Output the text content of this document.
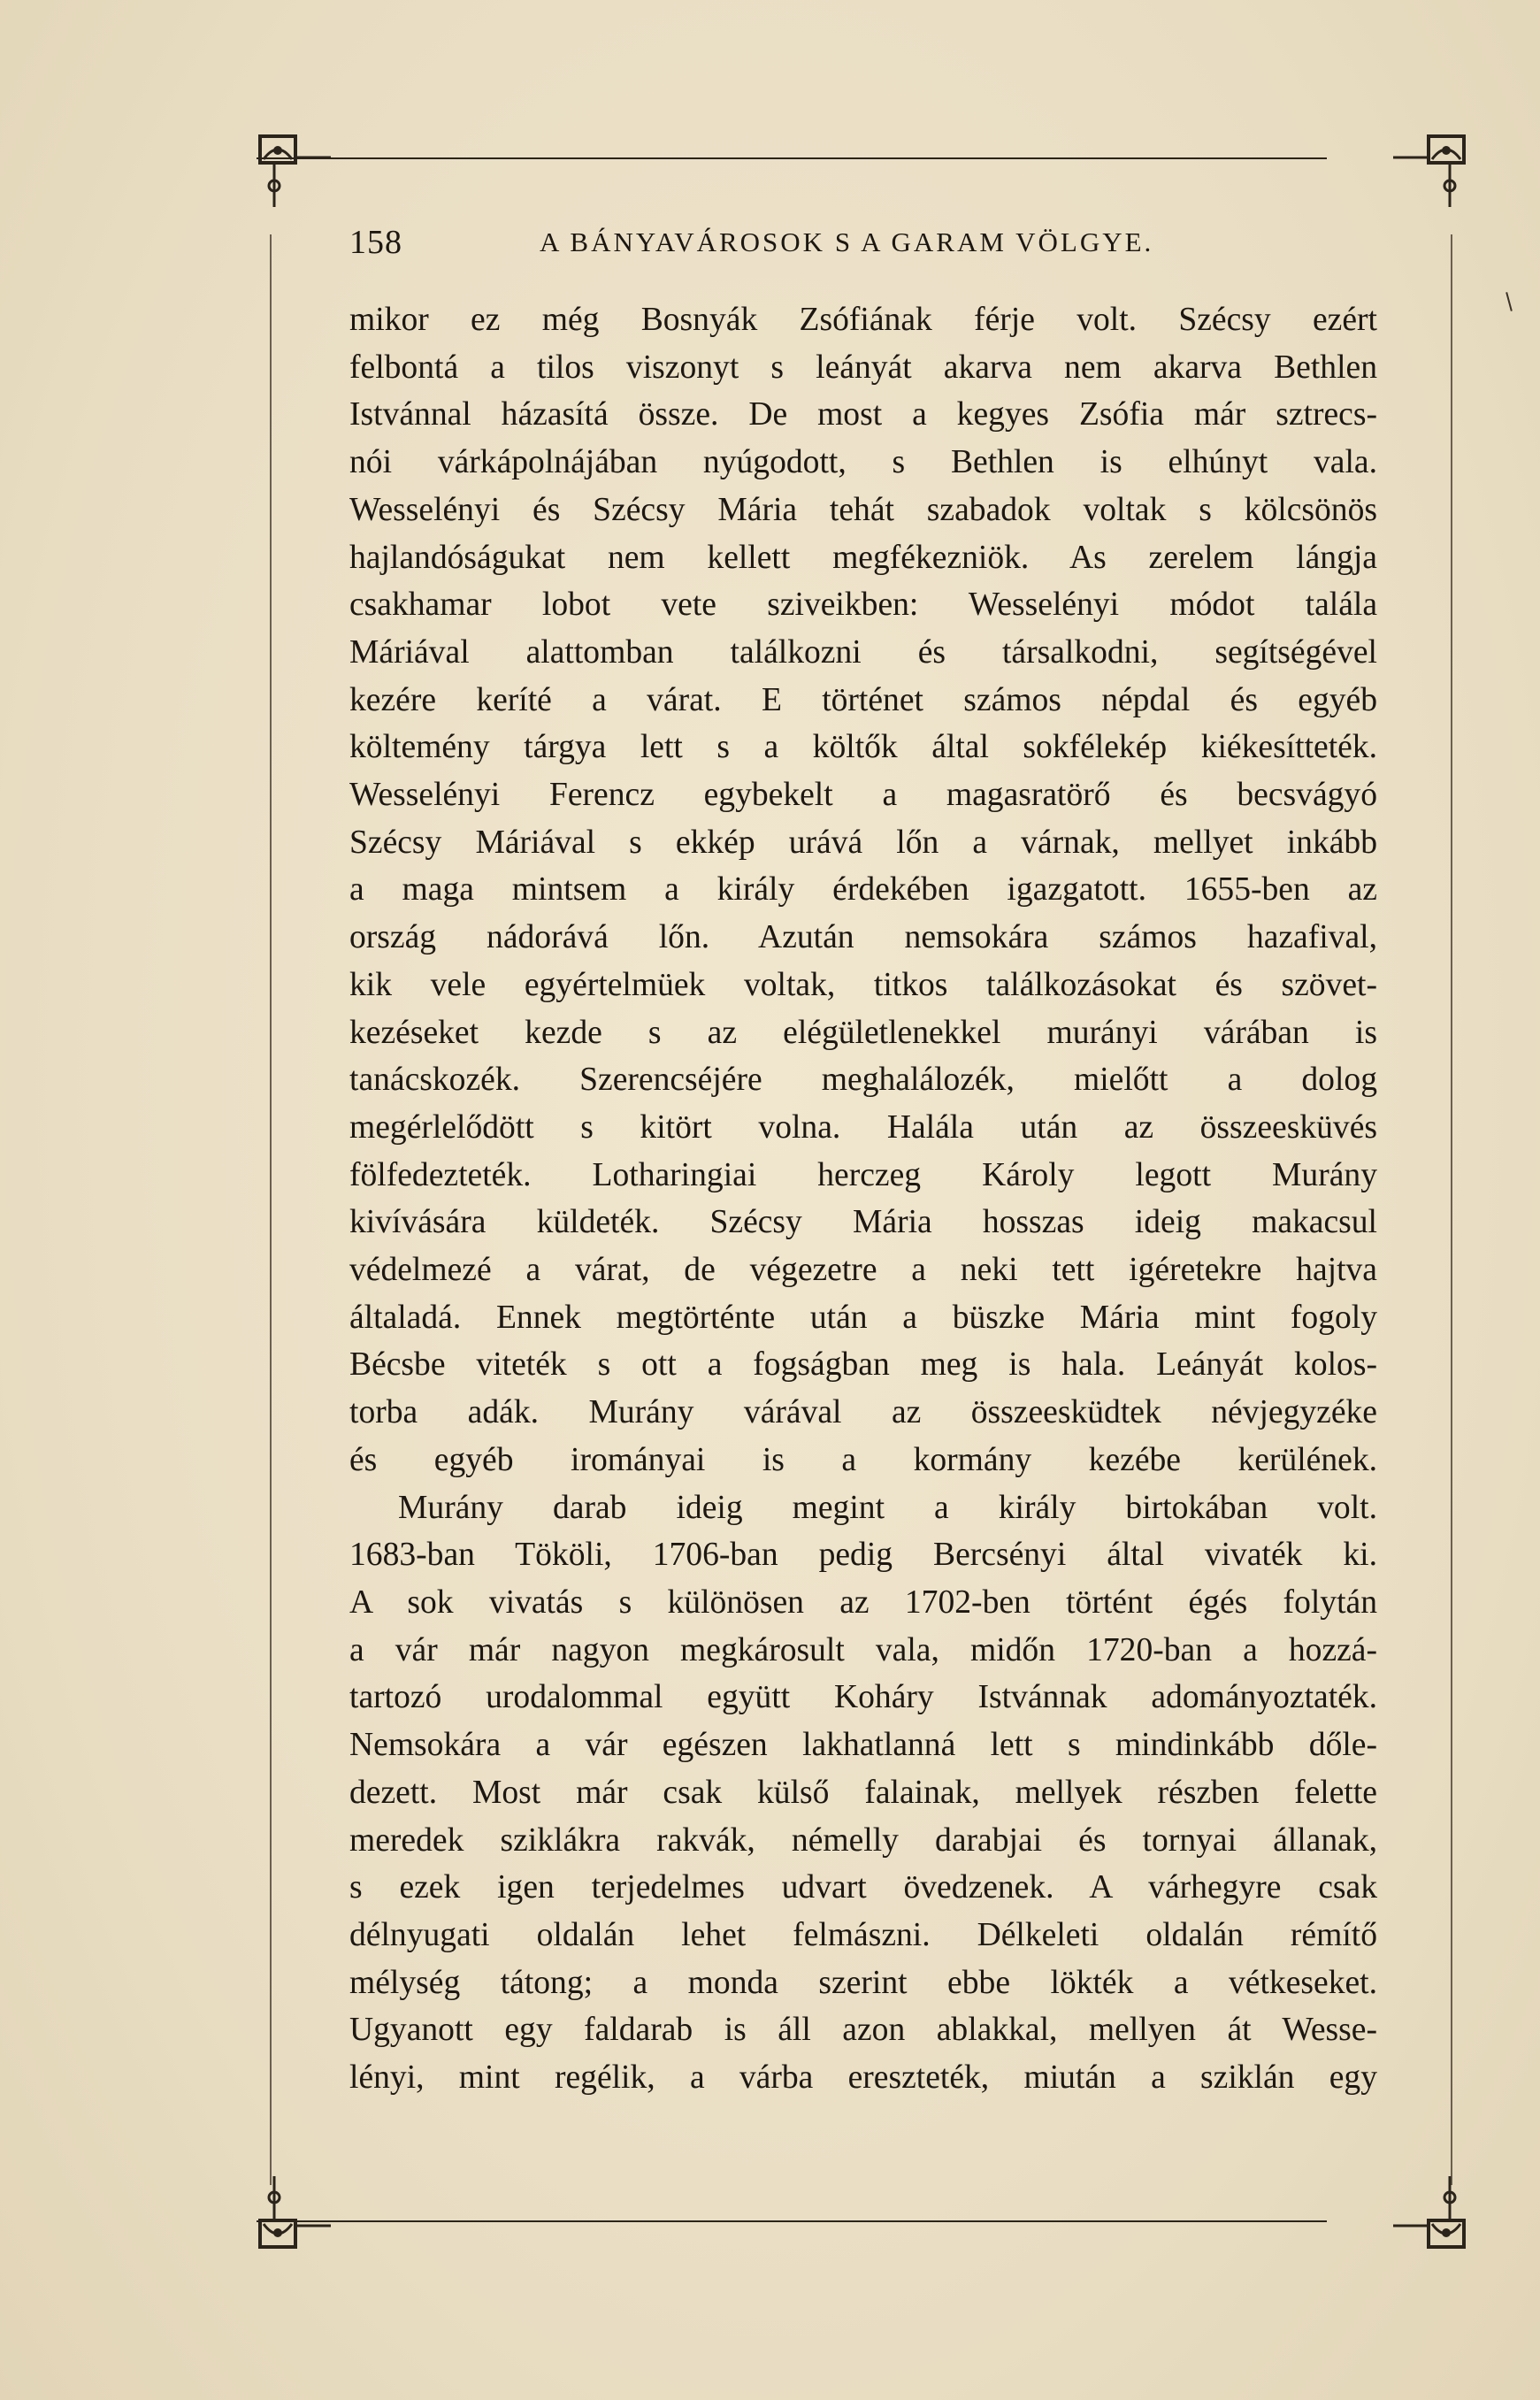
158	A BÁNYAVÁROSOK S A GARAM VÖLGYE.
mikor ez még Bosnyák Zsófiának férje volt. Szécsy ezért
felbontá a tilos viszonyt s leányát akarva nem akarva Bethlen
Istvánnal házasítá össze. De most a kegyes Zsófia már sztrecs-
nói várkápolnájában nyúgodott, s Bethlen is elhúnyt vala.
Wesselényi és Szécsy Mária tehát szabadok voltak s kölcsönös
hajlandóságukat nem kellett megfékezniök. As zerelem lángja
csakhamar lobot vete sziveikben: Wesselényi módot talála
Máriával alattomban találkozni és társalkodni, segítségével
kezére keríté a várat. E történet számos népdal és egyéb
költemény tárgya lett s a költők által sokfélekép kiékesítteték.
Wesselényi Ferencz egybekelt a magasratörő és becsvágyó
Szécsy Máriával s ekkép urává lőn a várnak, mellyet inkább
a maga mintsem a király érdekében igazgatott. 1655-ben az
ország nádorává lőn. Azután nemsokára számos hazafival,
kik vele egyértelmüek voltak, titkos találkozásokat és szövet-
kezéseket kezde s az elégületlenekkel murányi várában is
tanácskozék. Szerencséjére meghalálozék, mielőtt a dolog
megérlelődött s kitört volna. Halála után az összeesküvés
fölfedezteték. Lotharingiai herczeg Károly legott Murány
kivívására küldeték. Szécsy Mária hosszas ideig makacsul
védelmezé a várat, de végezetre a neki tett igéretekre hajtva
általadá. Ennek megtörténte után a büszke Mária mint fogoly
Bécsbe viteték s ott a fogságban meg is hala. Leányát kolos-
torba adák. Murány várával az összeesküdtek névjegyzéke
és egyéb irományai is a kormány kezébe kerülének.
Murány darab ideig megint a király birtokában volt.
1683-ban Tököli, 1706-ban pedig Bercsényi által vivaték ki.
A sok vivatás s különösen az 1702-ben történt égés folytán
a vár már nagyon megkárosult vala, midőn 1720-ban a hozzá-
tartozó urodalommal együtt Koháry Istvánnak adományoztaték.
Nemsokára a vár egészen lakhatlanná lett s mindinkább dőle-
dezett. Most már csak külső falainak, mellyek részben felette
meredek sziklákra rakvák, némelly darabjai és tornyai állanak,
s ezek igen terjedelmes udvart övedzenek. A várhegyre csak
délnyugati oldalán lehet felmászni. Délkeleti oldalán rémítő
mélység tátong; a monda szerint ebbe lökték a vétkeseket.
Ugyanott egy faldarab is áll azon ablakkal, mellyen át Wesse-
lényi, mint regélik, a várba ereszteték, miután a sziklán egy
